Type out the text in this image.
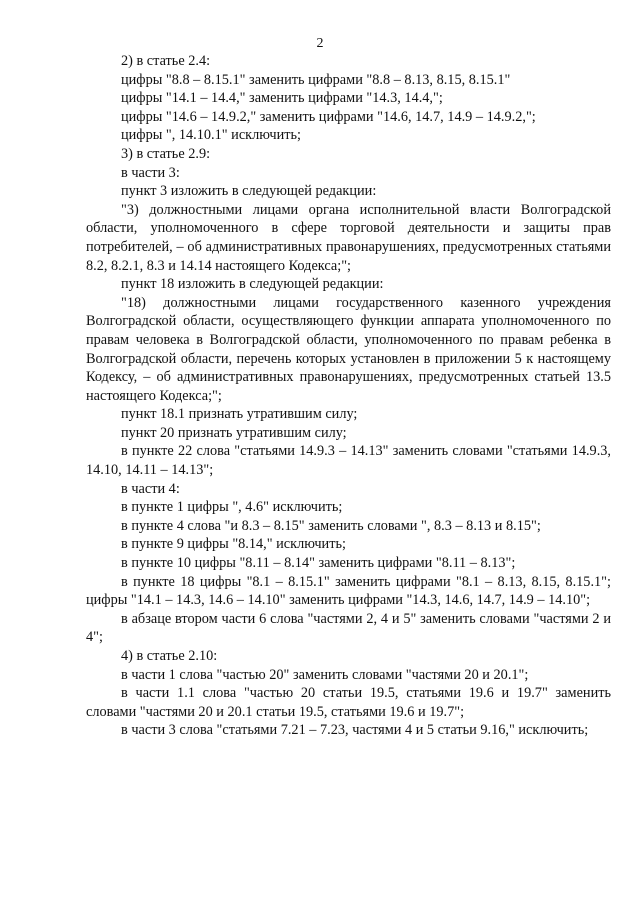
2

2) в статье 2.4:

цифры "8.8 – 8.15.1" заменить цифрами "8.8 – 8.13, 8.15, 8.15.1"

цифры "14.1 – 14.4," заменить цифрами "14.3, 14.4,";

цифры "14.6 – 14.9.2," заменить цифрами "14.6, 14.7, 14.9 – 14.9.2,";

цифры ", 14.10.1" исключить;

3) в статье 2.9:

в части 3:

пункт 3 изложить в следующей редакции:

"3) должностными лицами органа исполнительной власти Волгоградской области, уполномоченного в сфере торговой деятельности и защиты прав потребителей, – об административных правонарушениях, предусмотренных статьями 8.2, 8.2.1, 8.3 и 14.14 настоящего Кодекса;";

пункт 18 изложить в следующей редакции:

"18) должностными лицами государственного казенного учреждения Волгоградской области, осуществляющего функции аппарата уполномоченного по правам человека в Волгоградской области, уполномоченного по правам ребенка в Волгоградской области, перечень которых установлен в приложении 5 к настоящему Кодексу, – об административных правонарушениях, предусмотренных статьей 13.5 настоящего Кодекса;";

пункт 18.1 признать утратившим силу;

пункт 20 признать утратившим силу;

в пункте 22 слова "статьями 14.9.3 – 14.13" заменить словами "статьями 14.9.3, 14.10, 14.11 – 14.13";

в части 4:

в пункте 1 цифры ", 4.6" исключить;

в пункте 4 слова "и 8.3 – 8.15" заменить словами ", 8.3 – 8.13 и 8.15";

в пункте 9 цифры "8.14," исключить;

в пункте 10 цифры "8.11 – 8.14" заменить цифрами "8.11 – 8.13";

в пункте 18 цифры "8.1 – 8.15.1" заменить цифрами "8.1 – 8.13, 8.15, 8.15.1"; цифры "14.1 – 14.3, 14.6 – 14.10" заменить цифрами "14.3, 14.6, 14.7, 14.9 – 14.10";

в абзаце втором части 6 слова "частями 2, 4 и 5" заменить словами "частями 2 и 4";

4) в статье 2.10:

в части 1 слова "частью 20" заменить словами "частями 20 и 20.1";

в части 1.1 слова "частью 20 статьи 19.5, статьями 19.6 и 19.7" заменить словами "частями 20 и 20.1 статьи 19.5, статьями 19.6 и 19.7";

в части 3 слова "статьями 7.21 – 7.23, частями 4 и 5 статьи 9.16," исключить;
